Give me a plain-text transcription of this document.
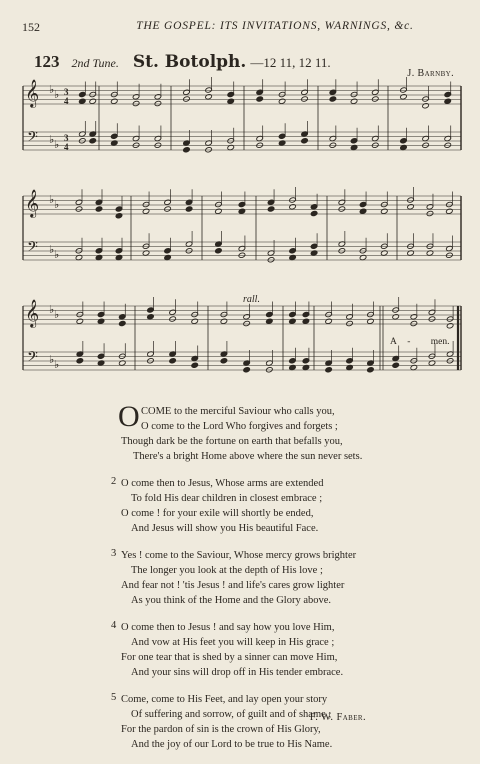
152	THE GOSPEL: ITS INVITATIONS, WARNINGS, &c.
123 2nd Tune. St. Botolph. —12 11, 12 11.
J. Barnby.
𝄞
𝄢
♭ ♭
♭ ♭
3
4
3
4
𝄞
𝄢
♭ ♭
♭ ♭
𝄞
𝄢
♭ ♭
♭ ♭
rall.
A - men.
O COME to the merciful Saviour who calls you,
O come to the Lord Who forgives and forgets ;
Though dark be the fortune on earth that befalls you,
There's a bright Home above where the sun never sets.
2 O come then to Jesus, Whose arms are extended
To fold His dear children in closest embrace ;
O come ! for your exile will shortly be ended,
And Jesus will show you His beautiful Face.
3 Yes ! come to the Saviour, Whose mercy grows brighter
The longer you look at the depth of His love ;
And fear not ! 'tis Jesus ! and life's cares grow lighter
As you think of the Home and the Glory above.
4 O come then to Jesus ! and say how you love Him,
And vow at His feet you will keep in His grace ;
For one tear that is shed by a sinner can move Him,
And your sins will drop off in His tender embrace.
5 Come, come to His Feet, and lay open your story
Of suffering and sorrow, of guilt and of shame ;
For the pardon of sin is the crown of His Glory,
And the joy of our Lord to be true to His Name.
F. W. Faber.
